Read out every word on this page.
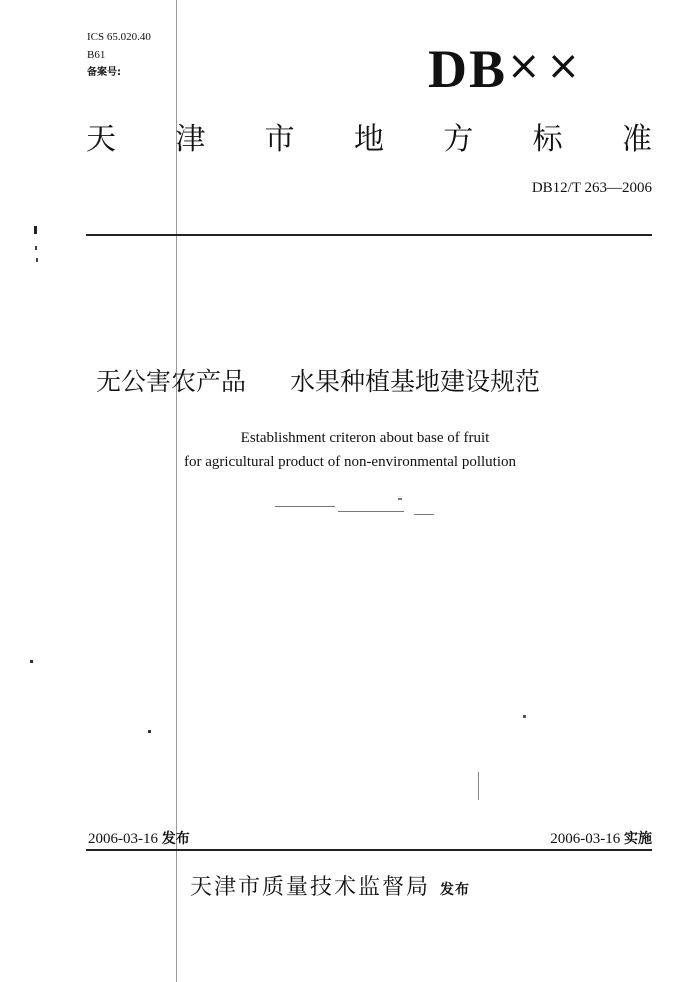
ICS 65.020.40
B61
备案号:	DB××
天 津 市 地 方 标 准
DB12/T 263—2006
无公害农产品 水果种植基地建设规范
Establishment criteron about base of fruit
for agricultural product of non-environmental pollution
2006-03-16 发布	2006-03-16 实施
天津市质量技术监督局 发布
